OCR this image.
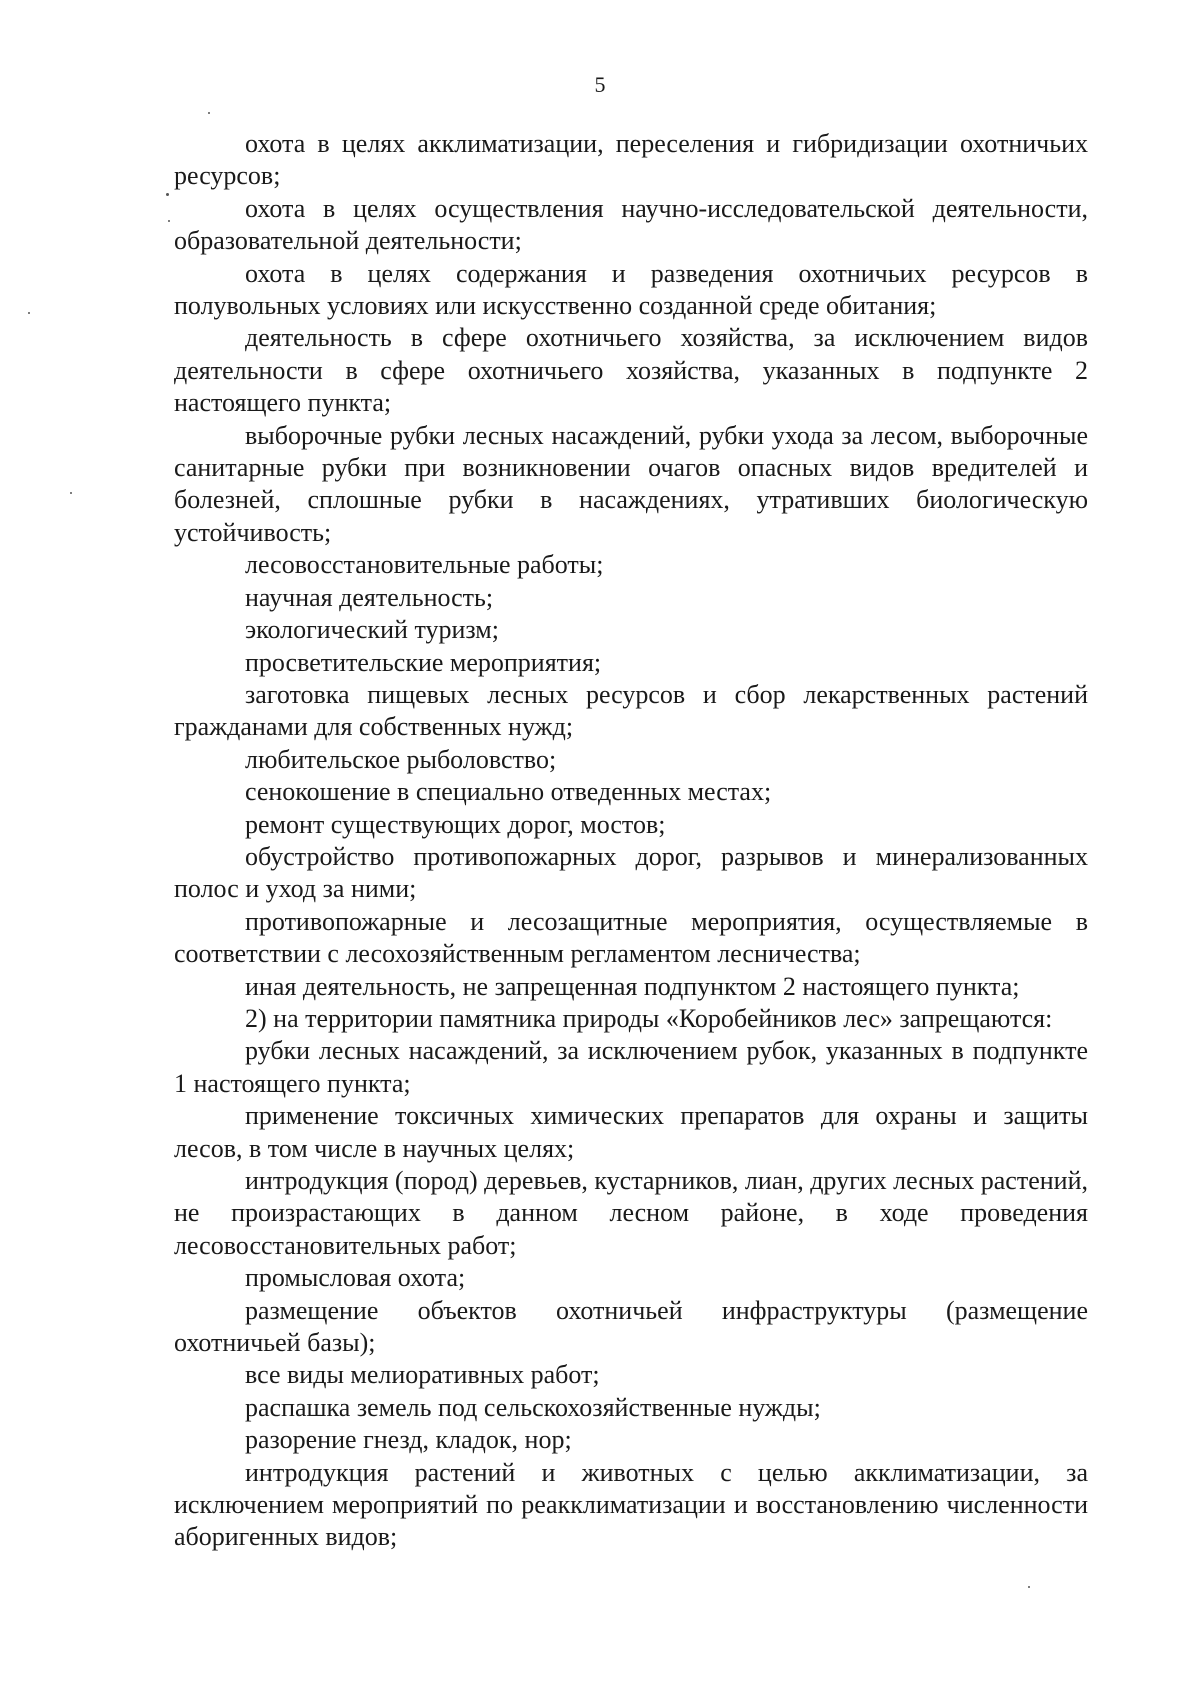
5

охота в целях акклиматизации, переселения и гибридизации охотничьих ресурсов;

охота в целях осуществления научно-исследовательской деятельности, образовательной деятельности;

охота в целях содержания и разведения охотничьих ресурсов в полувольных условиях или искусственно созданной среде обитания;

деятельность в сфере охотничьего хозяйства, за исключением видов деятельности в сфере охотничьего хозяйства, указанных в подпункте 2 настоящего пункта;

выборочные рубки лесных насаждений, рубки ухода за лесом, выборочные санитарные рубки при возникновении очагов опасных видов вредителей и болезней, сплошные рубки в насаждениях, утративших биологическую устойчивость;

лесовосстановительные работы;

научная деятельность;

экологический туризм;

просветительские мероприятия;

заготовка пищевых лесных ресурсов и сбор лекарственных растений гражданами для собственных нужд;

любительское рыболовство;

сенокошение в специально отведенных местах;

ремонт существующих дорог, мостов;

обустройство противопожарных дорог, разрывов и минерализованных полос и уход за ними;

противопожарные и лесозащитные мероприятия, осуществляемые в соответствии с лесохозяйственным регламентом лесничества;

иная деятельность, не запрещенная подпунктом 2 настоящего пункта;

2) на территории памятника природы «Коробейников лес» запрещаются:

рубки лесных насаждений, за исключением рубок, указанных в подпункте 1 настоящего пункта;

применение токсичных химических препаратов для охраны и защиты лесов, в том числе в научных целях;

интродукция (пород) деревьев, кустарников, лиан, других лесных растений, не произрастающих в данном лесном районе, в ходе проведения лесовосстановительных работ;

промысловая охота;

размещение объектов охотничьей инфраструктуры (размещение охотничьей базы);

все виды мелиоративных работ;

распашка земель под сельскохозяйственные нужды;

разорение гнезд, кладок, нор;

интродукция растений и животных с целью акклиматизации, за исключением мероприятий по реакклиматизации и восстановлению численности аборигенных видов;
